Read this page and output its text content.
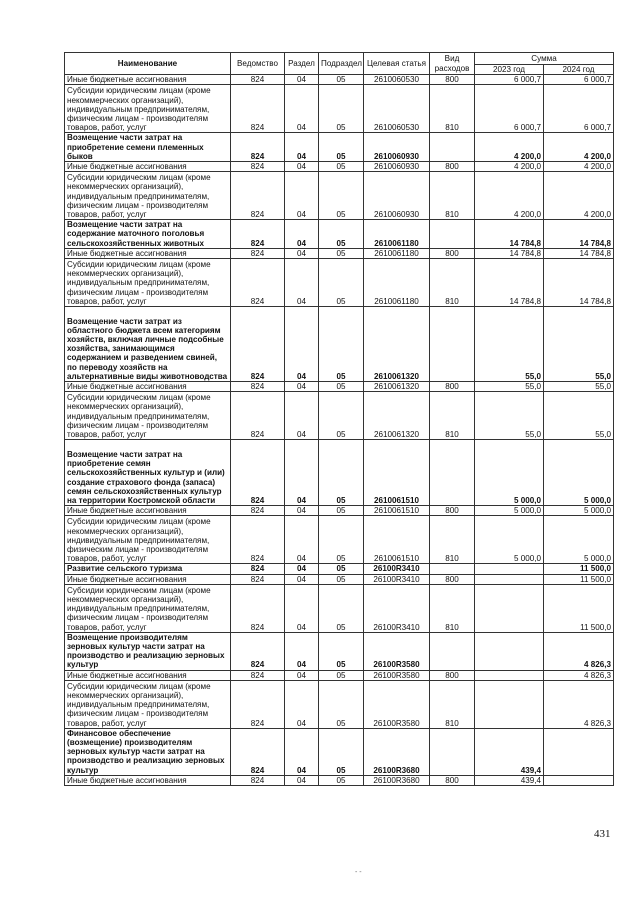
Наименование	Ведомство	Раздел	Подраздел	Целевая статья	Вид расходов	Сумма	
						2023 год	2024 год
Иные бюджетные ассигнования	824	04	05	2610060530	800	6 000,7	6 000,7
Субсидии юридическим лицам (кроме некоммерческих организаций), индивидуальным предпринимателям, физическим лицам - производителям товаров, работ, услуг	824	04	05	2610060530	810	6 000,7	6 000,7
Возмещение части затрат на приобретение семени племенных быков	824	04	05	2610060930		4 200,0	4 200,0
Иные бюджетные ассигнования	824	04	05	2610060930	800	4 200,0	4 200,0
Субсидии юридическим лицам (кроме некоммерческих организаций), индивидуальным предпринимателям, физическим лицам - производителям товаров, работ, услуг	824	04	05	2610060930	810	4 200,0	4 200,0
Возмещение части затрат на содержание маточного поголовья сельскохозяйственных животных	824	04	05	2610061180		14 784,8	14 784,8
Иные бюджетные ассигнования	824	04	05	2610061180	800	14 784,8	14 784,8
Субсидии юридическим лицам (кроме некоммерческих организаций), индивидуальным предпринимателям, физическим лицам - производителям товаров, работ, услуг	824	04	05	2610061180	810	14 784,8	14 784,8
Возмещение части затрат из областного бюджета всем категориям хозяйств, включая личные подсобные хозяйства, занимающимся содержанием и разведением свиней, по переводу хозяйств на альтернативные виды животноводства	824	04	05	2610061320		55,0	55,0
Иные бюджетные ассигнования	824	04	05	2610061320	800	55,0	55,0
Субсидии юридическим лицам (кроме некоммерческих организаций), индивидуальным предпринимателям, физическим лицам - производителям товаров, работ, услуг	824	04	05	2610061320	810	55,0	55,0
Возмещение части затрат на приобретение семян сельскохозяйственных культур и (или) создание страхового фонда (запаса) семян сельскохозяйственных культур на территории Костромской области	824	04	05	2610061510		5 000,0	5 000,0
Иные бюджетные ассигнования	824	04	05	2610061510	800	5 000,0	5 000,0
Субсидии юридическим лицам (кроме некоммерческих организаций), индивидуальным предпринимателям, физическим лицам - производителям товаров, работ, услуг	824	04	05	2610061510	810	5 000,0	5 000,0
Развитие сельского туризма	824	04	05	26100R3410			11 500,0
Иные бюджетные ассигнования	824	04	05	26100R3410	800		11 500,0
Субсидии юридическим лицам (кроме некоммерческих организаций), индивидуальным предпринимателям, физическим лицам - производителям товаров, работ, услуг	824	04	05	26100R3410	810		11 500,0
Возмещение производителям зерновых культур части затрат на производство и реализацию зерновых культур	824	04	05	26100R3580			4 826,3
Иные бюджетные ассигнования	824	04	05	26100R3580	800		4 826,3
Субсидии юридическим лицам (кроме некоммерческих организаций), индивидуальным предпринимателям, физическим лицам - производителям товаров, работ, услуг	824	04	05	26100R3580	810		4 826,3
Финансовое обеспечение (возмещение) производителям зерновых культур части затрат на производство и реализацию зерновых культур	824	04	05	26100R3680		439,4	
Иные бюджетные ассигнования	824	04	05	26100R3680	800	439,4	
431
- -
